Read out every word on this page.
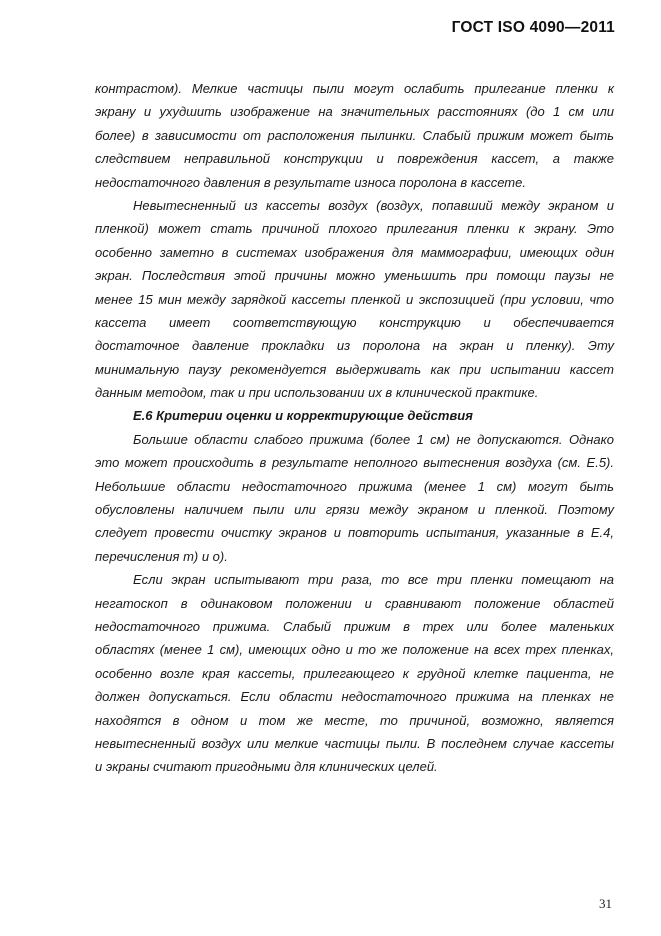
ГОСТ ISO 4090—2011
контрастом). Мелкие частицы пыли могут ослабить прилегание пленки к
экрану и ухудшить изображение на значительных расстояниях (до 1 см или
более) в зависимости от расположения пылинки. Слабый прижим может быть
следствием неправильной конструкции и повреждения кассет, а также
недостаточного давления в результате износа поролона в кассете.
Невытесненный из кассеты воздух (воздух, попавший между экраном и
пленкой) может стать причиной плохого прилегания пленки к экрану. Это
особенно заметно в системах изображения для маммографии, имеющих один
экран. Последствия этой причины можно уменьшить при помощи паузы не
менее 15 мин между зарядкой кассеты пленкой и экспозицией (при условии, что
кассета имеет соответствующую конструкцию и обеспечивается
достаточное давление прокладки из поролона на экран и пленку). Эту
минимальную паузу рекомендуется выдерживать как при испытании кассет
данным методом, так и при использовании их в клинической практике.
Е.6 Критерии оценки и корректирующие действия
Большие области слабого прижима (более 1 см) не допускаются. Однако
это может происходить в результате неполного вытеснения воздуха (см. Е.5).
Небольшие области недостаточного прижима (менее 1 см) могут быть
обусловлены наличием пыли или грязи между экраном и пленкой. Поэтому
следует провести очистку экранов и повторить испытания, указанные в Е.4,
перечисления m) и о).
Если экран испытывают три раза, то все три пленки помещают на
негатоскоп в одинаковом положении и сравнивают положение областей
недостаточного прижима. Слабый прижим в трех или более маленьких
областях (менее 1 см), имеющих одно и то же положение на всех трех пленках,
особенно возле края кассеты, прилегающего к грудной клетке пациента, не
должен допускаться. Если области недостаточного прижима на пленках не
находятся в одном и том же месте, то причиной, возможно, является
невытесненный воздух или мелкие частицы пыли. В последнем случае кассеты
и экраны считают пригодными для клинических целей.
31
